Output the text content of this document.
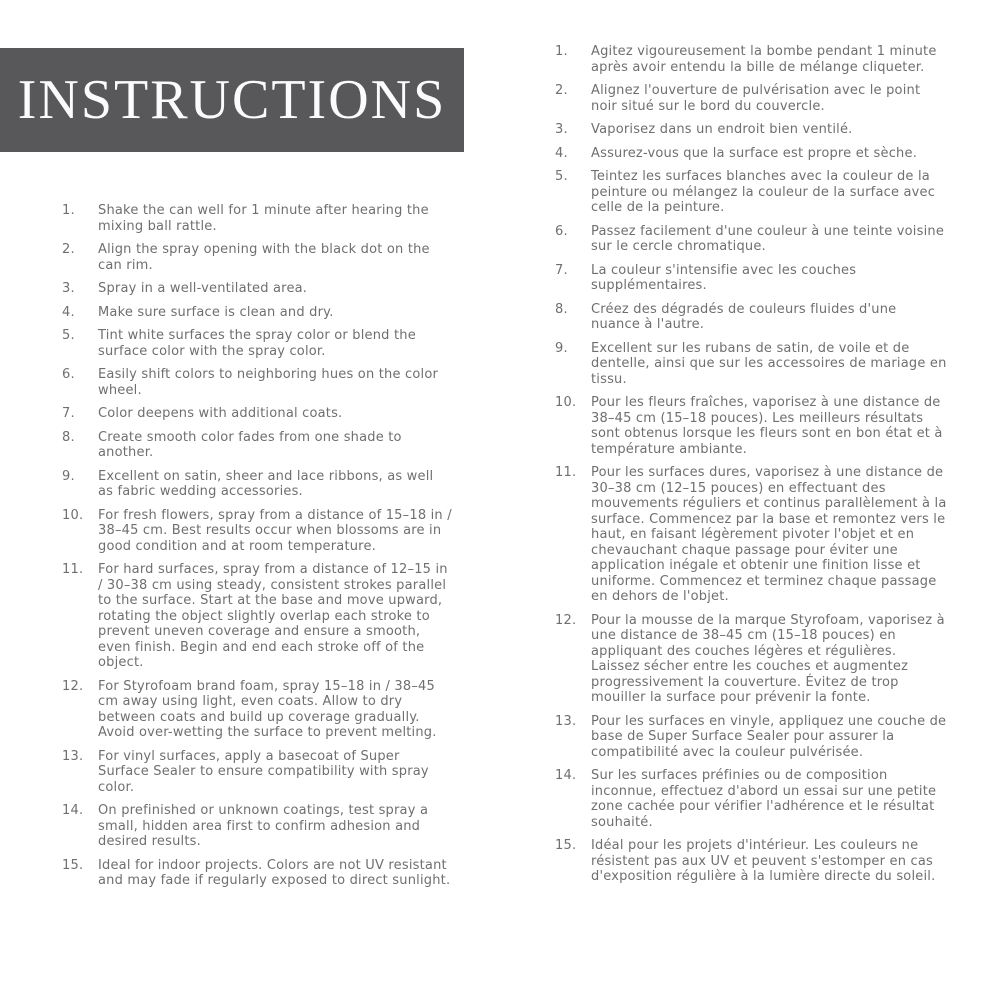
INSTRUCTIONS
1.	Shake the can well for 1 minute after hearing the mixing ball rattle.
2.	Align the spray opening with the black dot on the can rim.
3.	Spray in a well-ventilated area.
4.	Make sure surface is clean and dry.
5.	Tint white surfaces the spray color or blend the surface color with the spray color.
6.	Easily shift colors to neighboring hues on the color wheel.
7.	Color deepens with additional coats.
8.	Create smooth color fades from one shade to another.
9.	Excellent on satin, sheer and lace ribbons, as well as fabric wedding accessories.
10.	For fresh flowers, spray from a distance of 15–18 in / 38–45 cm. Best results occur when blossoms are in good condition and at room temperature.
11.	For hard surfaces, spray from a distance of 12–15 in / 30–38 cm using steady, consistent strokes parallel to the surface. Start at the base and move upward, rotating the object slightly overlap each stroke to prevent uneven coverage and ensure a smooth, even finish. Begin and end each stroke off of the object.
12.	For Styrofoam brand foam, spray 15–18 in / 38–45 cm away using light, even coats. Allow to dry between coats and build up coverage gradually. Avoid over-wetting the surface to prevent melting.
13.	For vinyl surfaces, apply a basecoat of Super Surface Sealer to ensure compatibility with spray color.
14.	On prefinished or unknown coatings, test spray a small, hidden area first to confirm adhesion and desired results.
15.	Ideal for indoor projects. Colors are not UV resistant and may fade if regularly exposed to direct sunlight.
1.	Agitez vigoureusement la bombe pendant 1 minute après avoir entendu la bille de mélange cliqueter.
2.	Alignez l'ouverture de pulvérisation avec le point noir situé sur le bord du couvercle.
3.	Vaporisez dans un endroit bien ventilé.
4.	Assurez-vous que la surface est propre et sèche.
5.	Teintez les surfaces blanches avec la couleur de la peinture ou mélangez la couleur de la surface avec celle de la peinture.
6.	Passez facilement d'une couleur à une teinte voisine sur le cercle chromatique.
7.	La couleur s'intensifie avec les couches supplémentaires.
8.	Créez des dégradés de couleurs fluides d'une nuance à l'autre.
9.	Excellent sur les rubans de satin, de voile et de dentelle, ainsi que sur les accessoires de mariage en tissu.
10.	Pour les fleurs fraîches, vaporisez à une distance de 38–45 cm (15–18 pouces). Les meilleurs résultats sont obtenus lorsque les fleurs sont en bon état et à température ambiante.
11.	Pour les surfaces dures, vaporisez à une distance de 30–38 cm (12–15 pouces) en effectuant des mouvements réguliers et continus parallèlement à la surface. Commencez par la base et remontez vers le haut, en faisant légèrement pivoter l'objet et en chevauchant chaque passage pour éviter une application inégale et obtenir une finition lisse et uniforme. Commencez et terminez chaque passage en dehors de l'objet.
12.	Pour la mousse de la marque Styrofoam, vaporisez à une distance de 38–45 cm (15–18 pouces) en appliquant des couches légères et régulières. Laissez sécher entre les couches et augmentez progressivement la couverture. Évitez de trop mouiller la surface pour prévenir la fonte.
13.	Pour les surfaces en vinyle, appliquez une couche de base de Super Surface Sealer pour assurer la compatibilité avec la couleur pulvérisée.
14.	Sur les surfaces préfinies ou de composition inconnue, effectuez d'abord un essai sur une petite zone cachée pour vérifier l'adhérence et le résultat souhaité.
15.	Idéal pour les projets d'intérieur. Les couleurs ne résistent pas aux UV et peuvent s'estomper en cas d'exposition régulière à la lumière directe du soleil.
